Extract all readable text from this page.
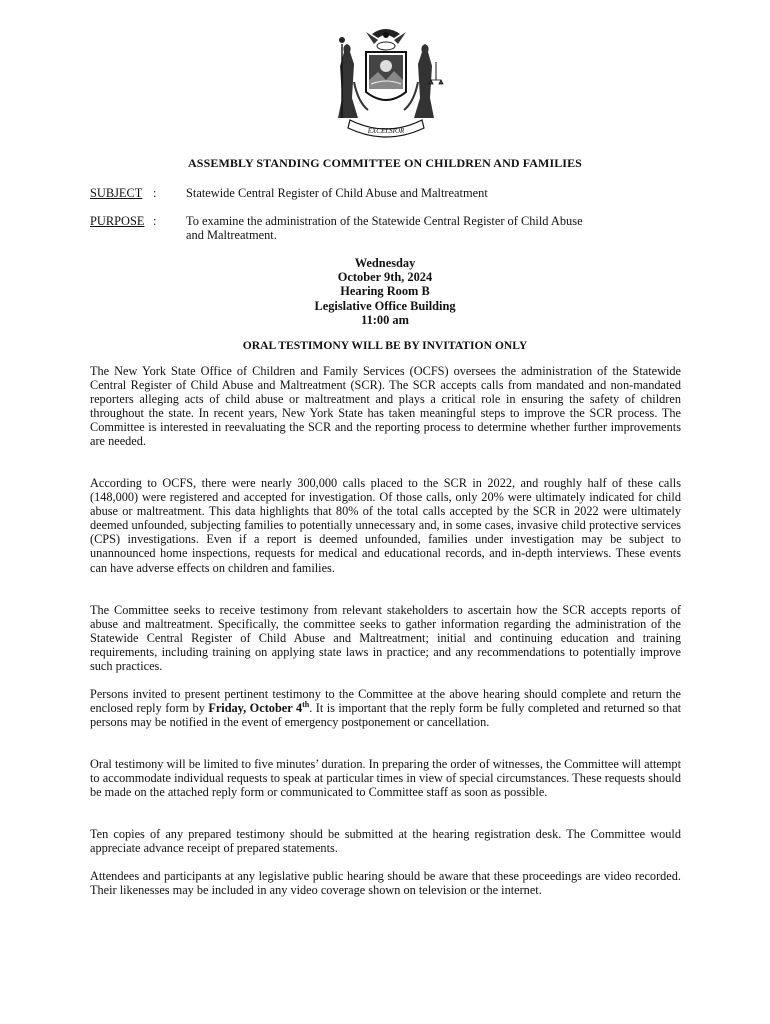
EXCELSIOR
ASSEMBLY STANDING COMMITTEE ON CHILDREN AND FAMILIES
SUBJECT : Statewide Central Register of Child Abuse and Maltreatment
PURPOSE : To examine the administration of the Statewide Central Register of Child Abuse
and Maltreatment.
Wednesday
October 9th, 2024
Hearing Room B
Legislative Office Building
11:00 am
ORAL TESTIMONY WILL BE BY INVITATION ONLY

The New York State Office of Children and Family Services (OCFS) oversees the administration of the Statewide Central Register of Child Abuse and Maltreatment (SCR). The SCR accepts calls from mandated and non-mandated reporters alleging acts of child abuse or maltreatment and plays a critical role in ensuring the safety of children throughout the state. In recent years, New York State has taken meaningful steps to improve the SCR process. The Committee is interested in reevaluating the SCR and the reporting process to determine whether further improvements are needed.

According to OCFS, there were nearly 300,000 calls placed to the SCR in 2022, and roughly half of these calls (148,000) were registered and accepted for investigation. Of those calls, only 20% were ultimately indicated for child abuse or maltreatment. This data highlights that 80% of the total calls accepted by the SCR in 2022 were ultimately deemed unfounded, subjecting families to potentially unnecessary and, in some cases, invasive child protective services (CPS) investigations. Even if a report is deemed unfounded, families under investigation may be subject to unannounced home inspections, requests for medical and educational records, and in-depth interviews. These events can have adverse effects on children and families.

The Committee seeks to receive testimony from relevant stakeholders to ascertain how the SCR accepts reports of abuse and maltreatment. Specifically, the committee seeks to gather information regarding the administration of the Statewide Central Register of Child Abuse and Maltreatment; initial and continuing education and training requirements, including training on applying state laws in practice; and any recommendations to potentially improve such practices.

Persons invited to present pertinent testimony to the Committee at the above hearing should complete and return the enclosed reply form by Friday, October 4th. It is important that the reply form be fully completed and returned so that persons may be notified in the event of emergency postponement or cancellation.

Oral testimony will be limited to five minutes’ duration. In preparing the order of witnesses, the Committee will attempt to accommodate individual requests to speak at particular times in view of special circumstances. These requests should be made on the attached reply form or communicated to Committee staff as soon as possible.

Ten copies of any prepared testimony should be submitted at the hearing registration desk. The Committee would appreciate advance receipt of prepared statements.

Attendees and participants at any legislative public hearing should be aware that these proceedings are video recorded. Their likenesses may be included in any video coverage shown on television or the internet.
